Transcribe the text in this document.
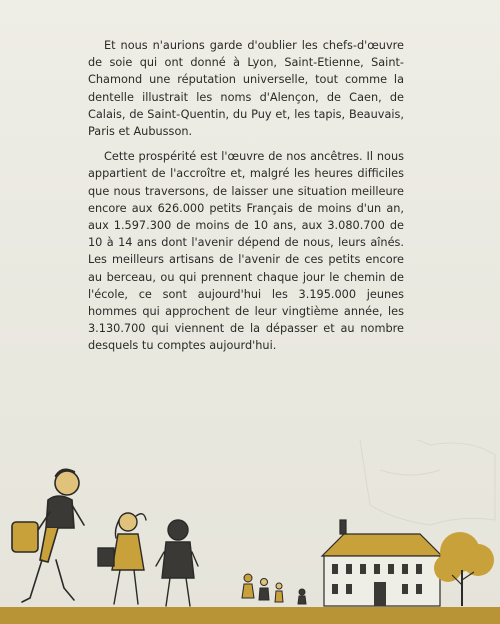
Et nous n'aurions garde d'oublier les chefs-d'œuvre de soie qui ont donné à Lyon, Saint-Etienne, Saint-Chamond une réputation universelle, tout comme la dentelle illustrait les noms d'Alençon, de Caen, de Calais, de Saint-Quentin, du Puy et, les tapis, Beauvais, Paris et Aubusson.

Cette prospérité est l'œuvre de nos ancêtres. Il nous appartient de l'accroître et, malgré les heures difficiles que nous traversons, de laisser une situation meilleure encore aux 626.000 petits Français de moins d'un an, aux 1.597.300 de moins de 10 ans, aux 3.080.700 de 10 à 14 ans dont l'avenir dépend de nous, leurs aînés. Les meilleurs artisans de l'avenir de ces petits encore au berceau, ou qui prennent chaque jour le chemin de l'école, ce sont aujourd'hui les 3.195.000 jeunes hommes qui approchent de leur vingtième année, les 3.130.700 qui viennent de la dépasser et au nombre desquels tu comptes aujourd'hui.
